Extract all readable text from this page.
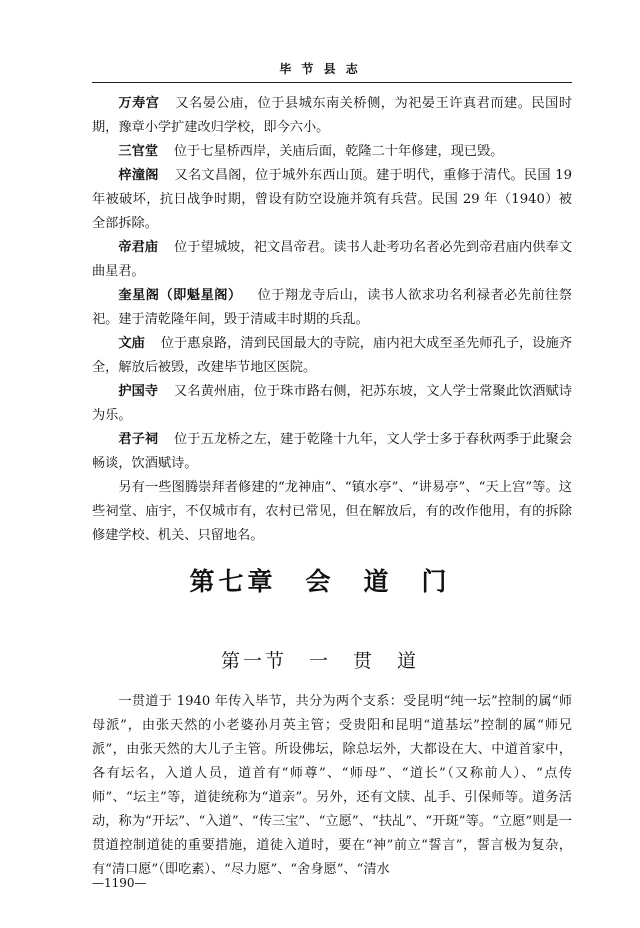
毕 节 县 志

万寿宫 又名晏公庙，位于县城东南关桥侧，为祀晏王许真君而建。民国时期，豫章小学扩建改归学校，即今六小。

三官堂 位于七星桥西岸，关庙后面，乾隆二十年修建，现已毁。

梓潼阁 又名文昌阁，位于城外东西山顶。建于明代，重修于清代。民国 19 年被破坏，抗日战争时期，曾设有防空设施并筑有兵营。民国 29 年（1940）被全部拆除。

帝君庙 位于望城坡，祀文昌帝君。读书人赴考功名者必先到帝君庙内供奉文曲星君。

奎星阁（即魁星阁） 位于翔龙寺后山，读书人欲求功名利禄者必先前往祭祀。建于清乾隆年间，毁于清咸丰时期的兵乱。

文庙 位于惠泉路，清到民国最大的寺院，庙内祀大成至圣先师孔子，设施齐全，解放后被毁，改建毕节地区医院。

护国寺 又名黄州庙，位于珠市路右侧，祀苏东坡，文人学士常聚此饮酒赋诗为乐。

君子祠 位于五龙桥之左，建于乾隆十九年，文人学士多于春秋两季于此聚会畅谈，饮酒赋诗。

另有一些图腾崇拜者修建的“龙神庙”、“镇水亭”、“讲易亭”、“天上宫”等。这些祠堂、庙宇，不仅城市有，农村已常见，但在解放后，有的改作他用，有的拆除修建学校、机关、只留地名。

第七章　会　道　门
第一节　一　贯　道

一贯道于 1940 年传入毕节，共分为两个支系：受昆明“纯一坛”控制的属“师母派”，由张天然的小老婆孙月英主管；受贵阳和昆明“道基坛”控制的属“师兄派”，由张天然的大儿子主管。所设佛坛，除总坛外，大都设在大、中道首家中，各有坛名，入道人员，道首有“师尊”、“师母”、“道长”（又称前人）、“点传师”、“坛主”等，道徒统称为“道亲”。另外，还有文牍、乩手、引保师等。道务活动，称为“开坛”、“入道”、“传三宝”、“立愿”、“扶乩”、“开斑”等。“立愿”则是一贯道控制道徒的重要措施，道徒入道时，要在“神”前立“誓言”，誓言极为复杂，有“清口愿”（即吃素）、“尽力愿”、“舍身愿”、“清水

—1190—
